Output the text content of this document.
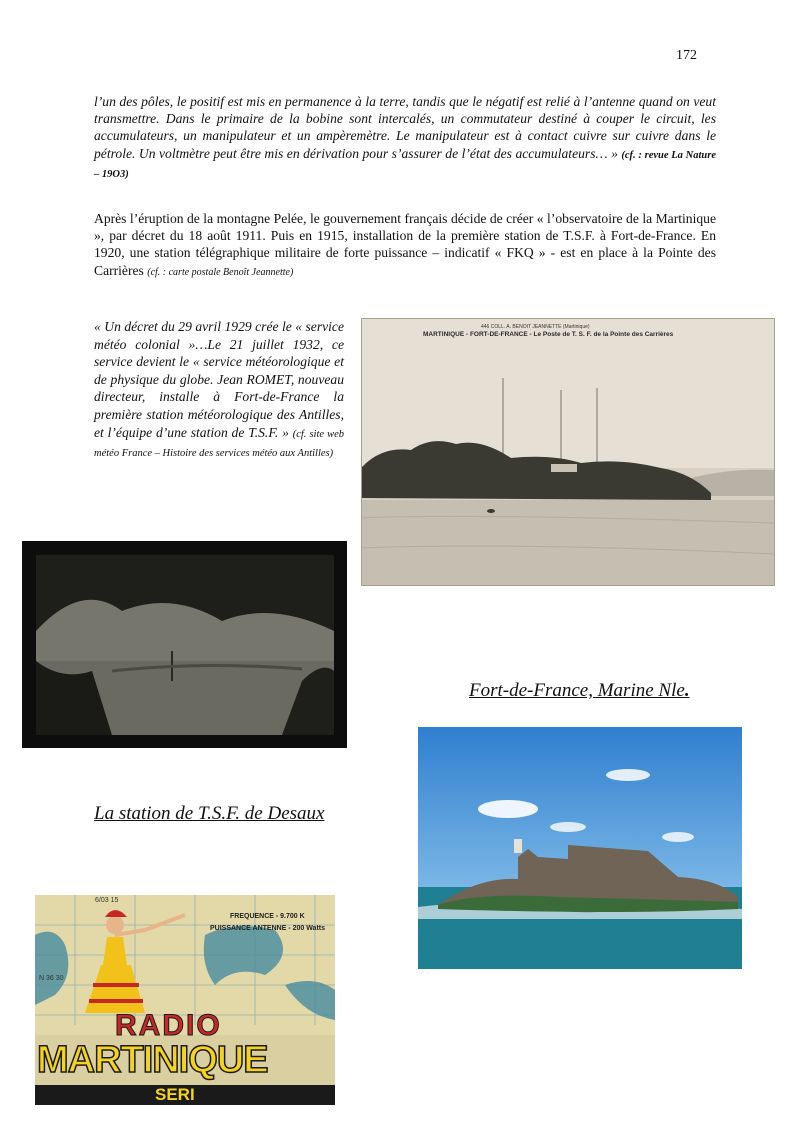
172
l’un des pôles, le positif est mis en permanence à la terre, tandis que le négatif est relié à l’antenne quand on veut transmettre. Dans le primaire de la bobine sont intercalés, un commutateur destiné à couper le circuit, les accumulateurs, un manipulateur et un ampèremètre. Le manipulateur est à contact cuivre sur cuivre dans le pétrole. Un voltmètre peut être mis en dérivation pour s’assurer de l’état des accumulateurs… » (cf. : revue La Nature – 19O3)
Après l’éruption de la montagne Pelée, le gouvernement français décide de créer « l’observatoire de la Martinique », par décret du 18 août 1911. Puis en 1915, installation de la première station de T.S.F. à Fort-de-France. En 1920, une station télégraphique militaire de forte puissance – indicatif « FKQ » - est en place à la Pointe des Carrières (cf. : carte postale Benoît Jeannette)
« Un décret du 29 avril 1929 crée le « service météo colonial »…Le 21 juillet 1932, ce service devient le « service météorologique et de physique du globe. Jean ROMET, nouveau directeur, installe à Fort-de-France la première station météorologique des Antilles, et l’équipe d’une station de T.S.F. » (cf. site web météo France – Histoire des services météo aux Antilles)
446 COLL. A. BENOIT JEANNETTE (Martinique)
MARTINIQUE - FORT-DE-FRANCE - Le Poste de T. S. F. de la Pointe des Carrières
Fort-de-France, Marine Nle.
La station de T.S.F. de Desaux
6/03 15
FREQUENCE - 9.700 K
PUISSANCE ANTENNE - 200 Watts
N 36 30
RADIO
MARTINIQUE
SERI
